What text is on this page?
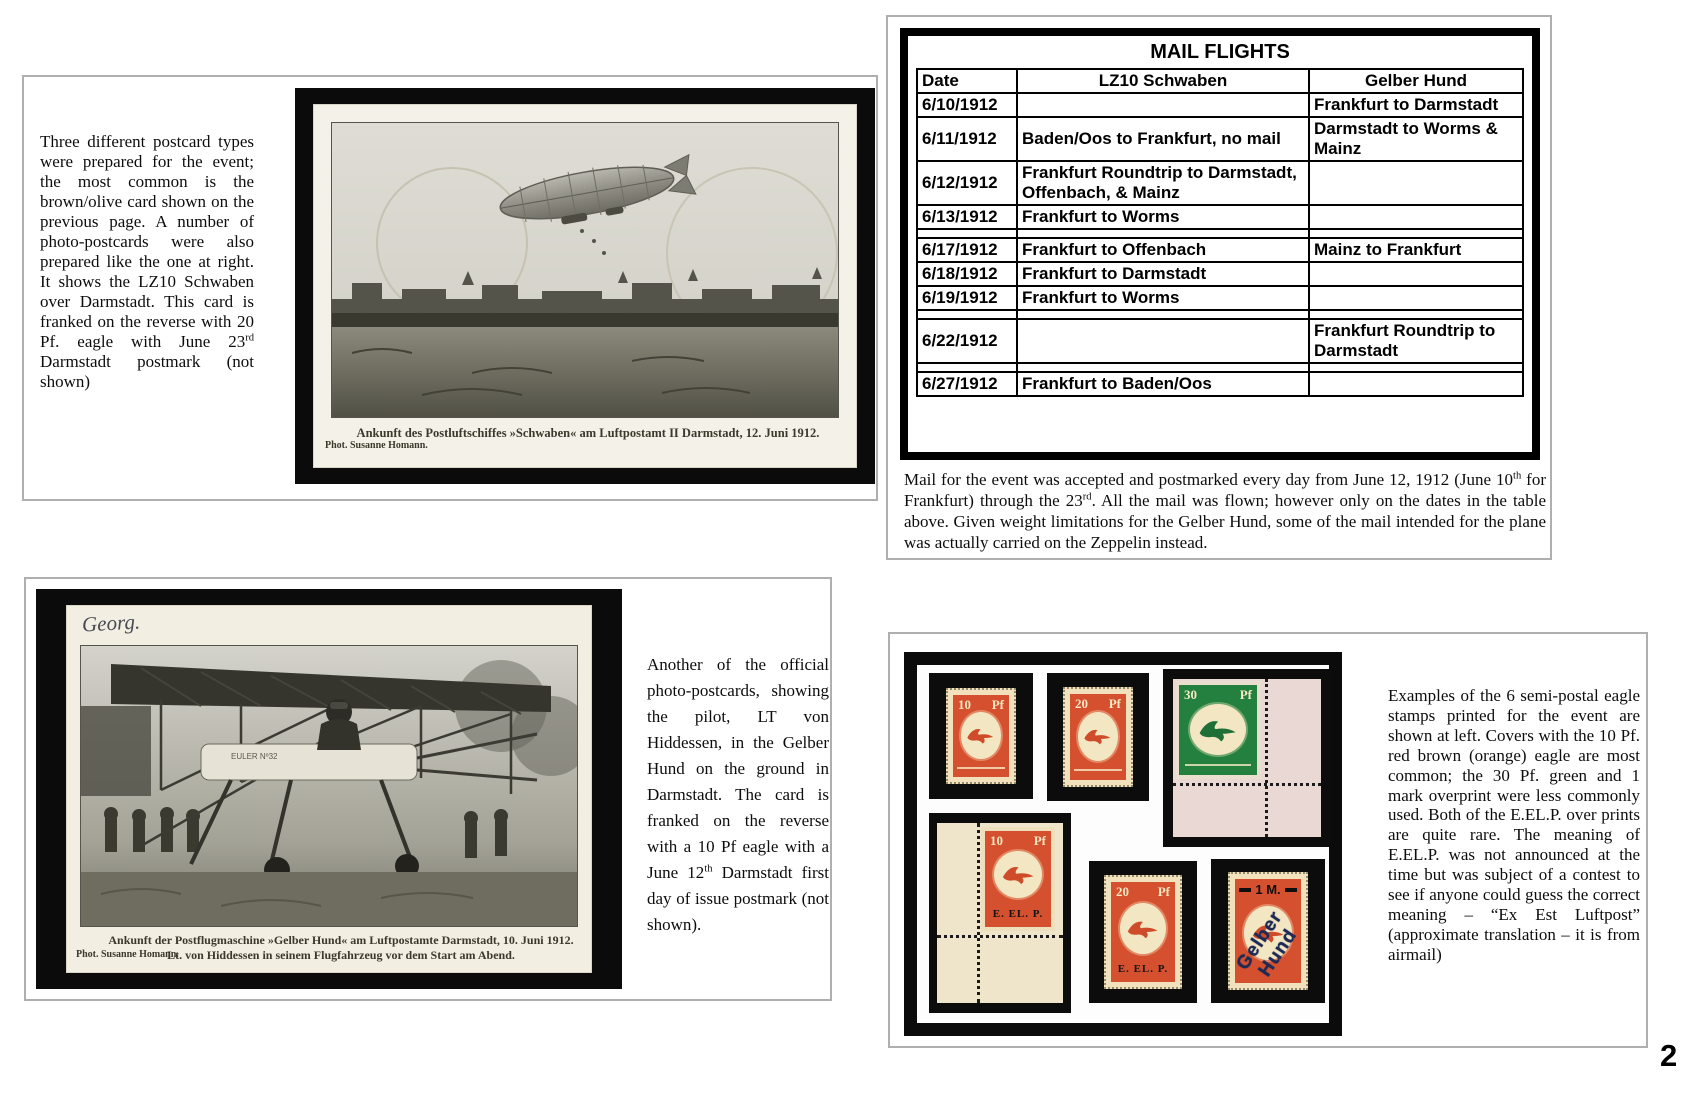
Three different postcard types were prepared for the event; the most common is the brown/olive card shown on the previous page. A number of photo-postcards were also prepared like the one at right. It shows the LZ10 Schwaben over Darmstadt. This card is franked on the reverse with 20 Pf. eagle with June 23rd Darmstadt postmark (not shown)
Ankunft des Postluftschiffes »Schwaben« am Luftpostamt II Darmstadt, 12. Juni 1912.
Phot. Susanne Homann.
MAIL FLIGHTS
Date	LZ10 Schwaben	Gelber Hund
6/10/1912		Frankfurt to Darmstadt
6/11/1912	Baden/Oos to Frankfurt, no mail	Darmstadt to Worms & Mainz
6/12/1912	Frankfurt Roundtrip to Darmstadt, Offenbach, & Mainz	
6/13/1912	Frankfurt to Worms	

6/17/1912	Frankfurt to Offenbach	Mainz to Frankfurt
6/18/1912	Frankfurt to Darmstadt	
6/19/1912	Frankfurt to Worms	

6/22/1912		Frankfurt Roundtrip to Darmstadt

6/27/1912	Frankfurt to Baden/Oos	
Mail for the event was accepted and postmarked every day from June 12, 1912 (June 10th for Frankfurt) through the 23rd. All the mail was flown; however only on the dates in the table above. Given weight limitations for the Gelber Hund, some of the mail intended for the plane was actually carried on the Zeppelin instead.
Another of the official photo-postcards, showing the pilot, LT von Hiddessen, in the Gelber Hund on the ground in Darmstadt. The card is franked on the reverse with a 10 Pf eagle with a June 12th Darmstadt first day of issue postmark (not shown).
Georg.
EULER Nº32
Ankunft der Postflugmaschine »Gelber Hund« am Luftpostamte Darmstadt, 10. Juni 1912.
Lt. von Hiddessen in seinem Flugfahrzeug vor dem Start am Abend.
Phot. Susanne Homann.
10 Pf	20 Pf
30	Pf
10 Pf
E. EL. P.
20 Pf
E. EL. P.
1 M.
Gelber Hund
Examples of the 6 semi-postal eagle stamps printed for the event are shown at left. Covers with the 10 Pf. red brown (orange) eagle are most common; the 30 Pf. green and 1 mark overprint were less commonly used. Both of the E.EL.P. over prints are quite rare. The meaning of E.EL.P. was not announced at the time but was subject of a contest to see if anyone could guess the correct meaning – “Ex Est Luftpost” (approximate translation – it is from airmail)
2
